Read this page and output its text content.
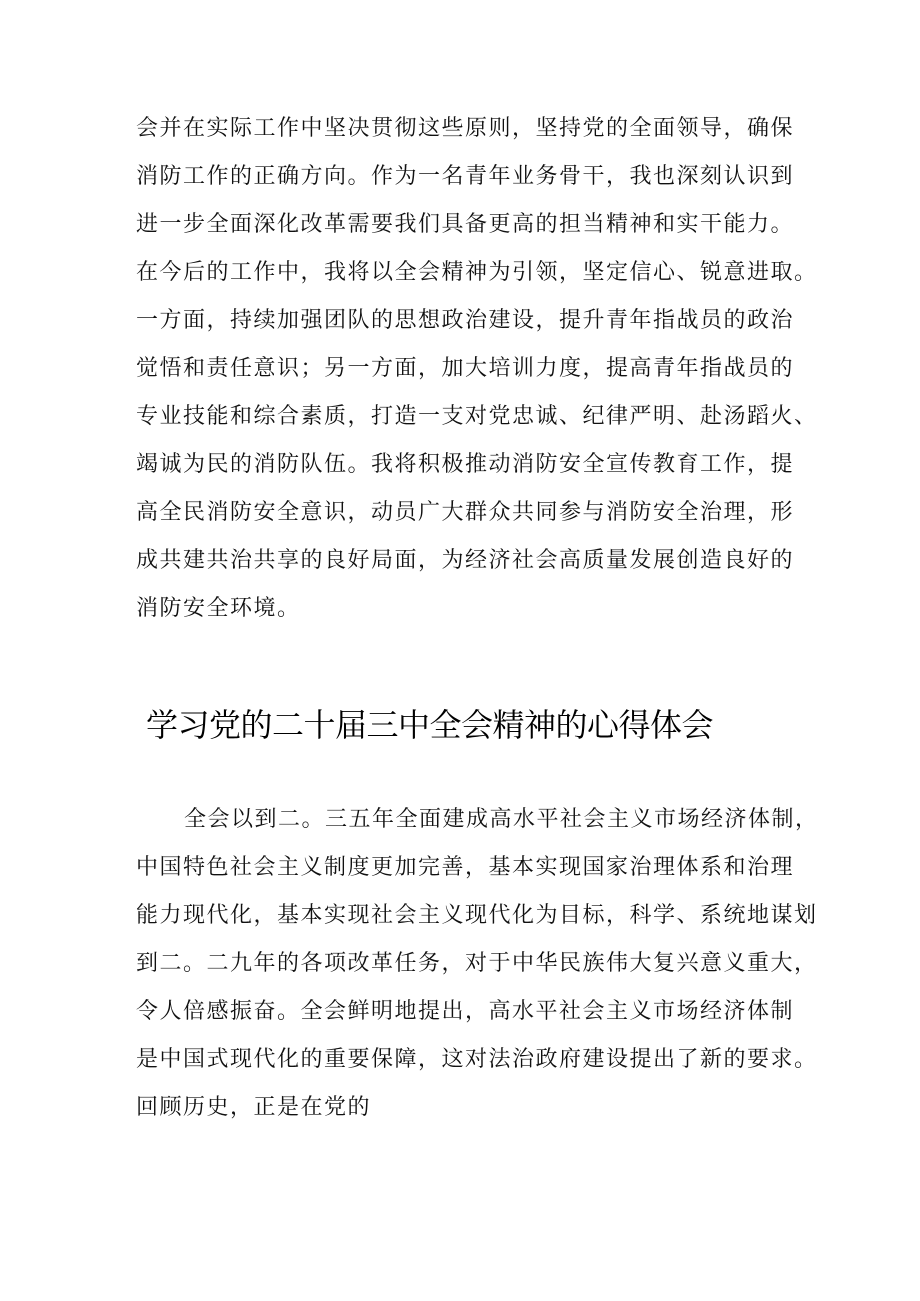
会并在实际工作中坚决贯彻这些原则，坚持党的全面领导，确保
消防工作的正确方向。作为一名青年业务骨干，我也深刻认识到
进一步全面深化改革需要我们具备更高的担当精神和实干能力。
在今后的工作中，我将以全会精神为引领，坚定信心、锐意进取。
一方面，持续加强团队的思想政治建设，提升青年指战员的政治
觉悟和责任意识；另一方面，加大培训力度，提高青年指战员的
专业技能和综合素质，打造一支对党忠诚、纪律严明、赴汤蹈火、
竭诚为民的消防队伍。我将积极推动消防安全宣传教育工作，提
高全民消防安全意识，动员广大群众共同参与消防安全治理，形
成共建共治共享的良好局面，为经济社会高质量发展创造良好的
消防安全环境。
学习党的二十届三中全会精神的心得体会
全会以到二。三五年全面建成高水平社会主义市场经济体制，
中国特色社会主义制度更加完善，基本实现国家治理体系和治理
能力现代化，基本实现社会主义现代化为目标，科学、系统地谋划
到二。二九年的各项改革任务，对于中华民族伟大复兴意义重大，
令人倍感振奋。全会鲜明地提出，高水平社会主义市场经济体制
是中国式现代化的重要保障，这对法治政府建设提出了新的要求。
回顾历史，正是在党的
